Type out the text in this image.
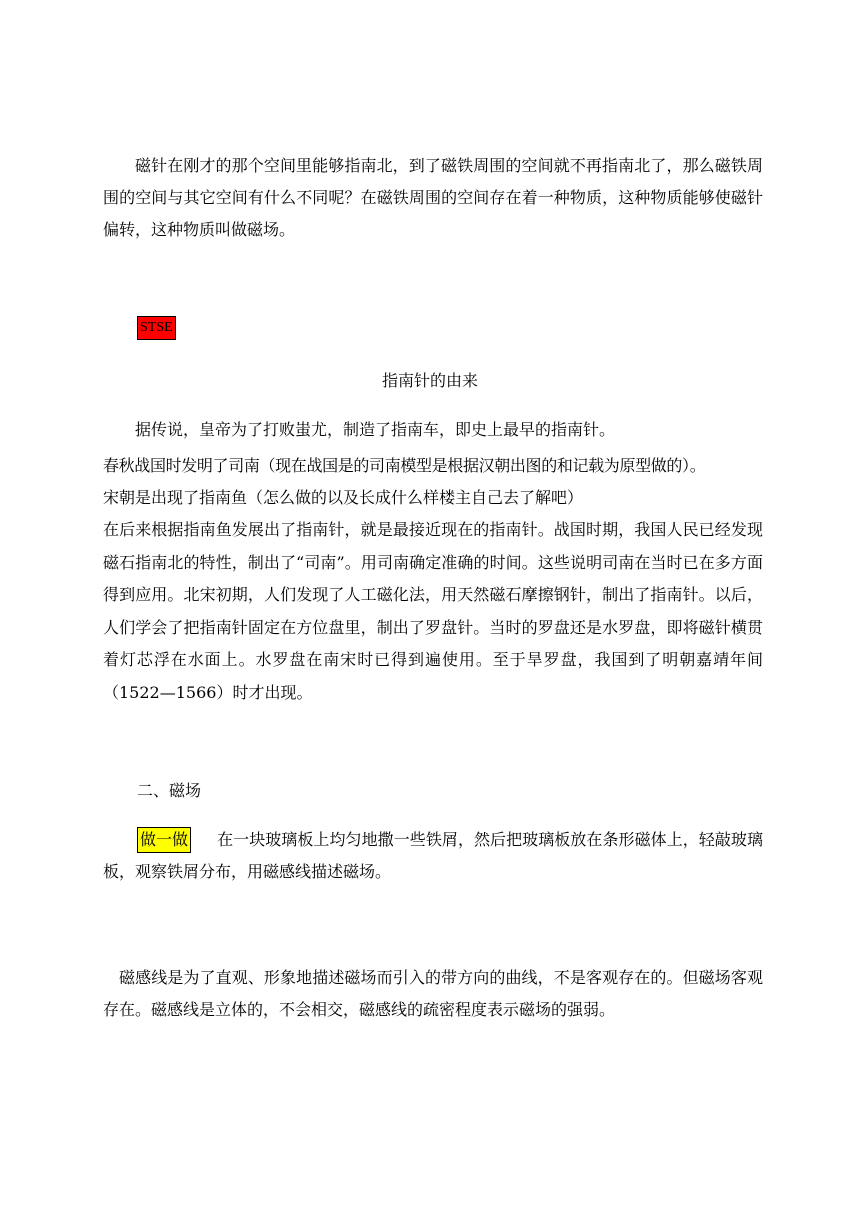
磁针在刚才的那个空间里能够指南北，到了磁铁周围的空间就不再指南北了，那么磁铁周围的空间与其它空间有什么不同呢？在磁铁周围的空间存在着一种物质，这种物质能够使磁针偏转，这种物质叫做磁场。

STSE
指南针的由来

据传说，皇帝为了打败蚩尤，制造了指南车，即史上最早的指南针。

春秋战国时发明了司南（现在战国是的司南模型是根据汉朝出图的和记载为原型做的）。

宋朝是出现了指南鱼（怎么做的以及长成什么样楼主自己去了解吧）

在后来根据指南鱼发展出了指南针，就是最接近现在的指南针。战国时期，我国人民已经发现磁石指南北的特性，制出了“司南”。用司南确定准确的时间。这些说明司南在当时已在多方面得到应用。北宋初期，人们发现了人工磁化法，用天然磁石摩擦钢针，制出了指南针。以后，人们学会了把指南针固定在方位盘里，制出了罗盘针。当时的罗盘还是水罗盘，即将磁针横贯着灯芯浮在水面上。水罗盘在南宋时已得到遍使用。至于旱罗盘，我国到了明朝嘉靖年间（1522—1566）时才出现。

二、磁场

做一做 在一块玻璃板上均匀地撒一些铁屑，然后把玻璃板放在条形磁体上，轻敲玻璃板，观察铁屑分布，用磁感线描述磁场。

磁感线是为了直观、形象地描述磁场而引入的带方向的曲线，不是客观存在的。但磁场客观存在。磁感线是立体的，不会相交，磁感线的疏密程度表示磁场的强弱。
